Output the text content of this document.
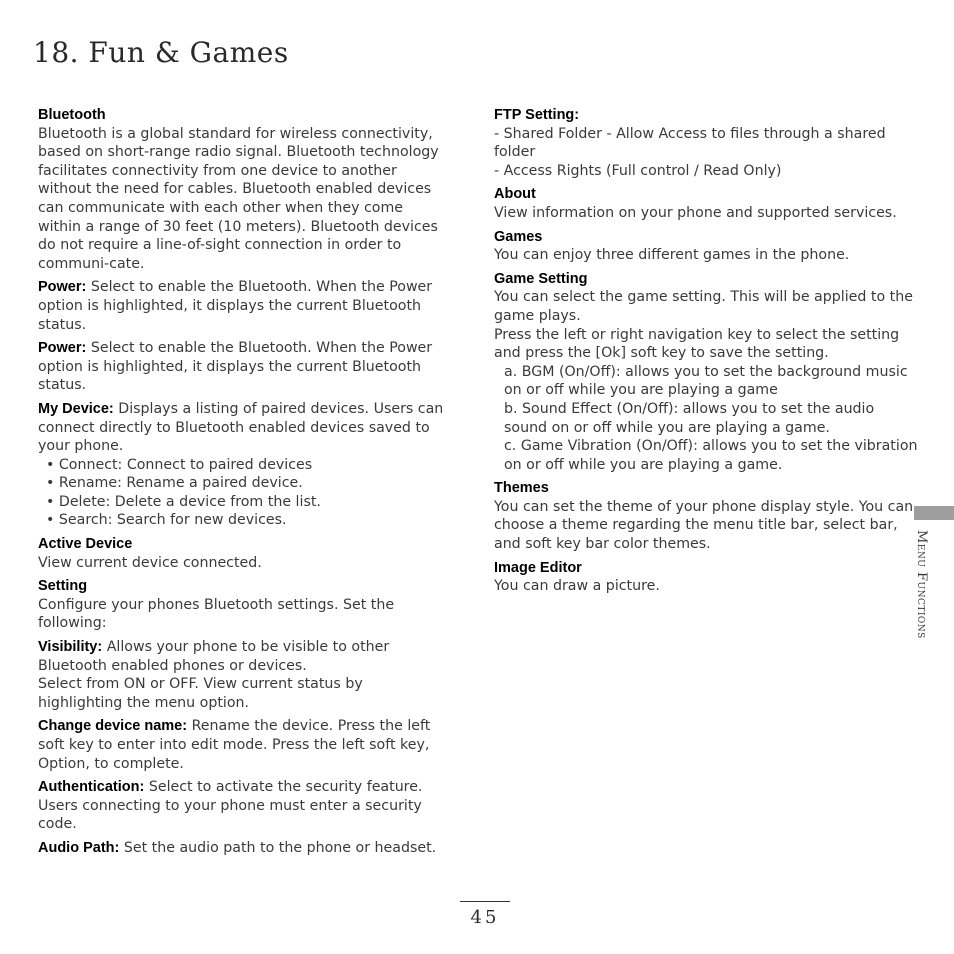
18. Fun & Games
Bluetooth

Bluetooth is a global standard for wireless connectivity, based on short-range radio signal. Bluetooth technology facilitates connectivity from one device to another without the need for cables. Bluetooth enabled devices can communicate with each other when they come within a range of 30 feet (10 meters). Bluetooth devices do not require a line-of-sight connection in order to communi-cate.

Power: Select to enable the Bluetooth. When the Power option is highlighted, it displays the current Bluetooth status.

Power: Select to enable the Bluetooth. When the Power option is highlighted, it displays the current Bluetooth status.

My Device: Displays a listing of paired devices. Users can connect directly to Bluetooth enabled devices saved to your phone.

• Connect: Connect to paired devices
• Rename: Rename a paired device.
• Delete: Delete a device from the list.
• Search: Search for new devices.
Active Device

View current device connected.

Setting

Configure your phones Bluetooth settings. Set the following:

Visibility: Allows your phone to be visible to other Bluetooth enabled phones or devices.

Select from ON or OFF. View current status by highlighting the menu option.

Change device name: Rename the device. Press the left soft key to enter into edit mode. Press the left soft key, Option, to complete.

Authentication: Select to activate the security feature. Users connecting to your phone must enter a security code.

Audio Path: Set the audio path to the phone or headset.

FTP Setting:

- Shared Folder - Allow Access to files through a shared folder

- Access Rights (Full control / Read Only)

About

View information on your phone and supported services.

Games

You can enjoy three different games in the phone.

Game Setting

You can select the game setting. This will be applied to the game plays.

Press the left or right navigation key to select the setting and press the [Ok] soft key to save the setting.

a. BGM (On/Off): allows you to set the background music on or off while you are playing a game

b. Sound Effect (On/Off): allows you to set the audio sound on or off while you are playing a game.

c. Game Vibration (On/Off): allows you to set the vibration on or off while you are playing a game.

Themes

You can set the theme of your phone display style. You can choose a theme regarding the menu title bar, select bar, and soft key bar color themes.

Image Editor

You can draw a picture.	Menu Functions
45
